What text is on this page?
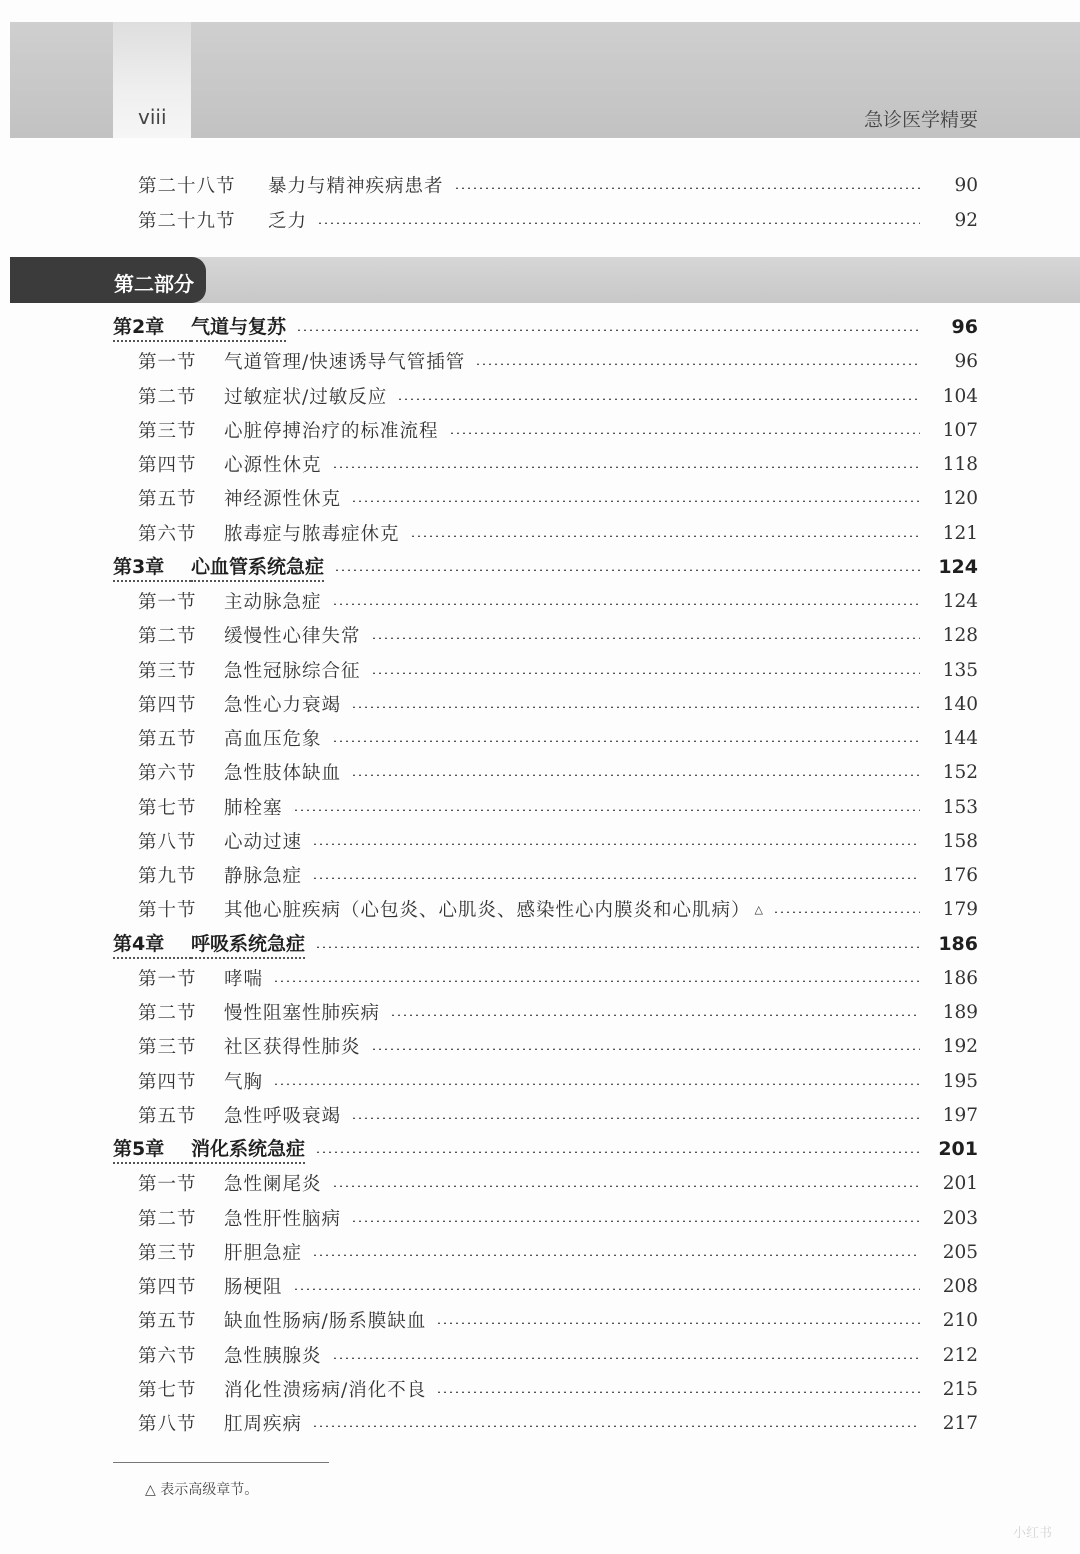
viii	急诊医学精要
第二十八节	暴力与精神疾病患者	90
第二十九节	乏力	92
第二部分
第2章	气道与复苏	96
第一节	气道管理/快速诱导气管插管	96
第二节	过敏症状/过敏反应	104
第三节	心脏停搏治疗的标准流程	107
第四节	心源性休克	118
第五节	神经源性休克	120
第六节	脓毒症与脓毒症休克	121
第3章	心血管系统急症	124
第一节	主动脉急症	124
第二节	缓慢性心律失常	128
第三节	急性冠脉综合征	135
第四节	急性心力衰竭	140
第五节	高血压危象	144
第六节	急性肢体缺血	152
第七节	肺栓塞	153
第八节	心动过速	158
第九节	静脉急症	176
第十节	其他心脏疾病（心包炎、心肌炎、感染性心内膜炎和心肌病） △	179
第4章	呼吸系统急症	186
第一节	哮喘	186
第二节	慢性阻塞性肺疾病	189
第三节	社区获得性肺炎	192
第四节	气胸	195
第五节	急性呼吸衰竭	197
第5章	消化系统急症	201
第一节	急性阑尾炎	201
第二节	急性肝性脑病	203
第三节	肝胆急症	205
第四节	肠梗阻	208
第五节	缺血性肠病/肠系膜缺血	210
第六节	急性胰腺炎	212
第七节	消化性溃疡病/消化不良	215
第八节	肛周疾病	217
△ 表示高级章节。
小红书
